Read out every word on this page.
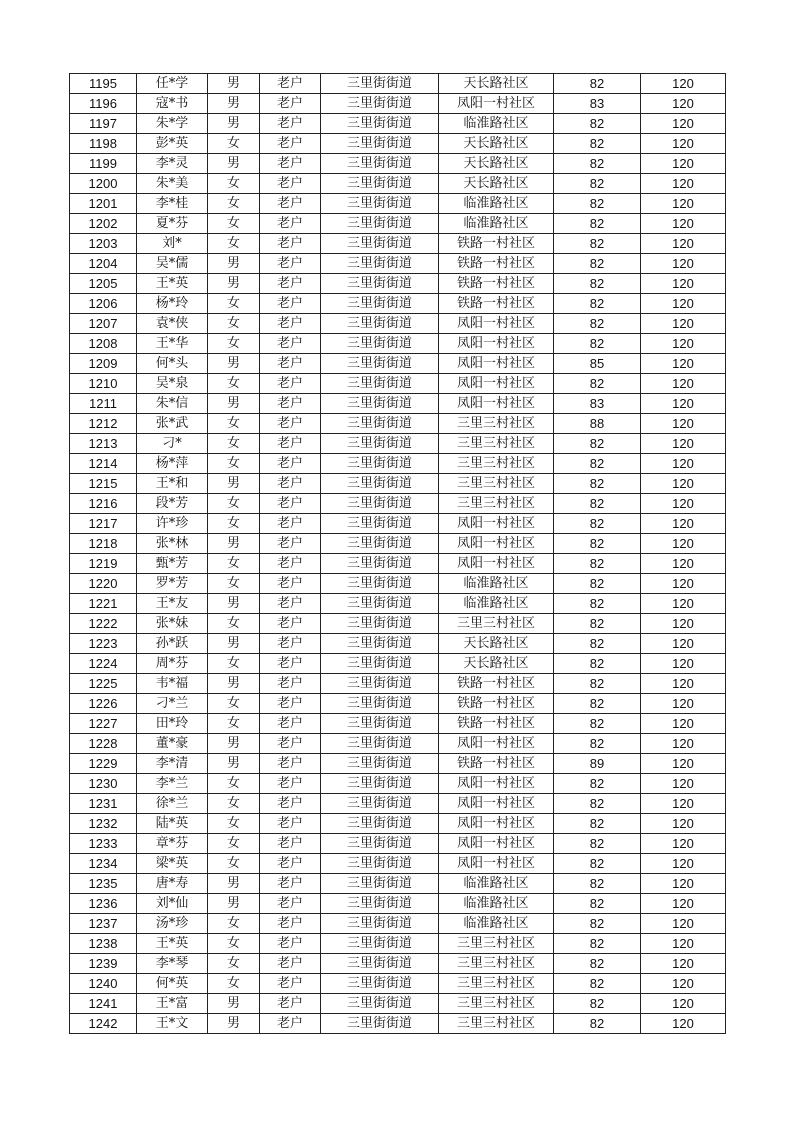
1195	任*学	男	老户	三里街街道	天长路社区	82	120
1196	寇*书	男	老户	三里街街道	凤阳一村社区	83	120
1197	朱*学	男	老户	三里街街道	临淮路社区	82	120
1198	彭*英	女	老户	三里街街道	天长路社区	82	120
1199	李*灵	男	老户	三里街街道	天长路社区	82	120
1200	朱*美	女	老户	三里街街道	天长路社区	82	120
1201	李*桂	女	老户	三里街街道	临淮路社区	82	120
1202	夏*芬	女	老户	三里街街道	临淮路社区	82	120
1203	刘*	女	老户	三里街街道	铁路一村社区	82	120
1204	吴*儒	男	老户	三里街街道	铁路一村社区	82	120
1205	王*英	男	老户	三里街街道	铁路一村社区	82	120
1206	杨*玲	女	老户	三里街街道	铁路一村社区	82	120
1207	袁*侠	女	老户	三里街街道	凤阳一村社区	82	120
1208	王*华	女	老户	三里街街道	凤阳一村社区	82	120
1209	何*头	男	老户	三里街街道	凤阳一村社区	85	120
1210	吴*泉	女	老户	三里街街道	凤阳一村社区	82	120
1211	朱*信	男	老户	三里街街道	凤阳一村社区	83	120
1212	张*武	女	老户	三里街街道	三里三村社区	88	120
1213	刁*	女	老户	三里街街道	三里三村社区	82	120
1214	杨*萍	女	老户	三里街街道	三里三村社区	82	120
1215	王*和	男	老户	三里街街道	三里三村社区	82	120
1216	段*芳	女	老户	三里街街道	三里三村社区	82	120
1217	许*珍	女	老户	三里街街道	凤阳一村社区	82	120
1218	张*林	男	老户	三里街街道	凤阳一村社区	82	120
1219	甄*芳	女	老户	三里街街道	凤阳一村社区	82	120
1220	罗*芳	女	老户	三里街街道	临淮路社区	82	120
1221	王*友	男	老户	三里街街道	临淮路社区	82	120
1222	张*妹	女	老户	三里街街道	三里三村社区	82	120
1223	孙*跃	男	老户	三里街街道	天长路社区	82	120
1224	周*芬	女	老户	三里街街道	天长路社区	82	120
1225	韦*福	男	老户	三里街街道	铁路一村社区	82	120
1226	刁*兰	女	老户	三里街街道	铁路一村社区	82	120
1227	田*玲	女	老户	三里街街道	铁路一村社区	82	120
1228	董*豪	男	老户	三里街街道	凤阳一村社区	82	120
1229	李*清	男	老户	三里街街道	铁路一村社区	89	120
1230	李*兰	女	老户	三里街街道	凤阳一村社区	82	120
1231	徐*兰	女	老户	三里街街道	凤阳一村社区	82	120
1232	陆*英	女	老户	三里街街道	凤阳一村社区	82	120
1233	章*芬	女	老户	三里街街道	凤阳一村社区	82	120
1234	梁*英	女	老户	三里街街道	凤阳一村社区	82	120
1235	唐*寿	男	老户	三里街街道	临淮路社区	82	120
1236	刘*仙	男	老户	三里街街道	临淮路社区	82	120
1237	汤*珍	女	老户	三里街街道	临淮路社区	82	120
1238	王*英	女	老户	三里街街道	三里三村社区	82	120
1239	李*琴	女	老户	三里街街道	三里三村社区	82	120
1240	何*英	女	老户	三里街街道	三里三村社区	82	120
1241	王*富	男	老户	三里街街道	三里三村社区	82	120
1242	王*文	男	老户	三里街街道	三里三村社区	82	120
